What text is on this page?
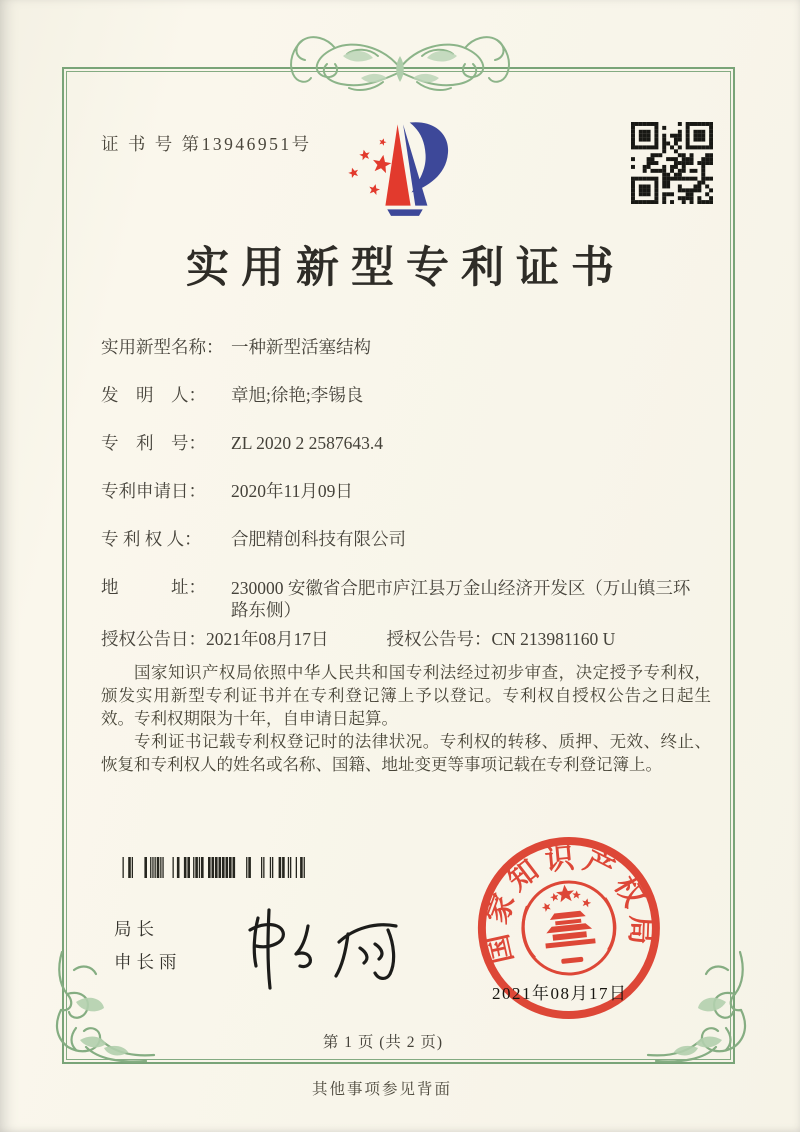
证 书 号 第13946951号
实用新型专利证书
实用新型名称： 一种新型活塞结构
发　明　人：	章旭;徐艳;李锡良
专　利　号：	ZL 2020 2 2587643.4
专利申请日：	2020年11月09日
专 利 权 人：	合肥精创科技有限公司
地　　　址：	230000 安徽省合肥市庐江县万金山经济开发区（万山镇三环路东侧）
授权公告日：2021年08月17日	授权公告号：CN 213981160 U

国家知识产权局依照中华人民共和国专利法经过初步审查，决定授予专利权，颁发实用新型专利证书并在专利登记簿上予以登记。专利权自授权公告之日起生效。专利权期限为十年，自申请日起算。

专利证书记载专利权登记时的法律状况。专利权的转移、质押、无效、终止、恢复和专利权人的姓名或名称、国籍、地址变更等事项记载在专利登记簿上。

局长
申长雨	国家知识产权局
2021年08月17日
第 1 页 (共 2 页)
其他事项参见背面
